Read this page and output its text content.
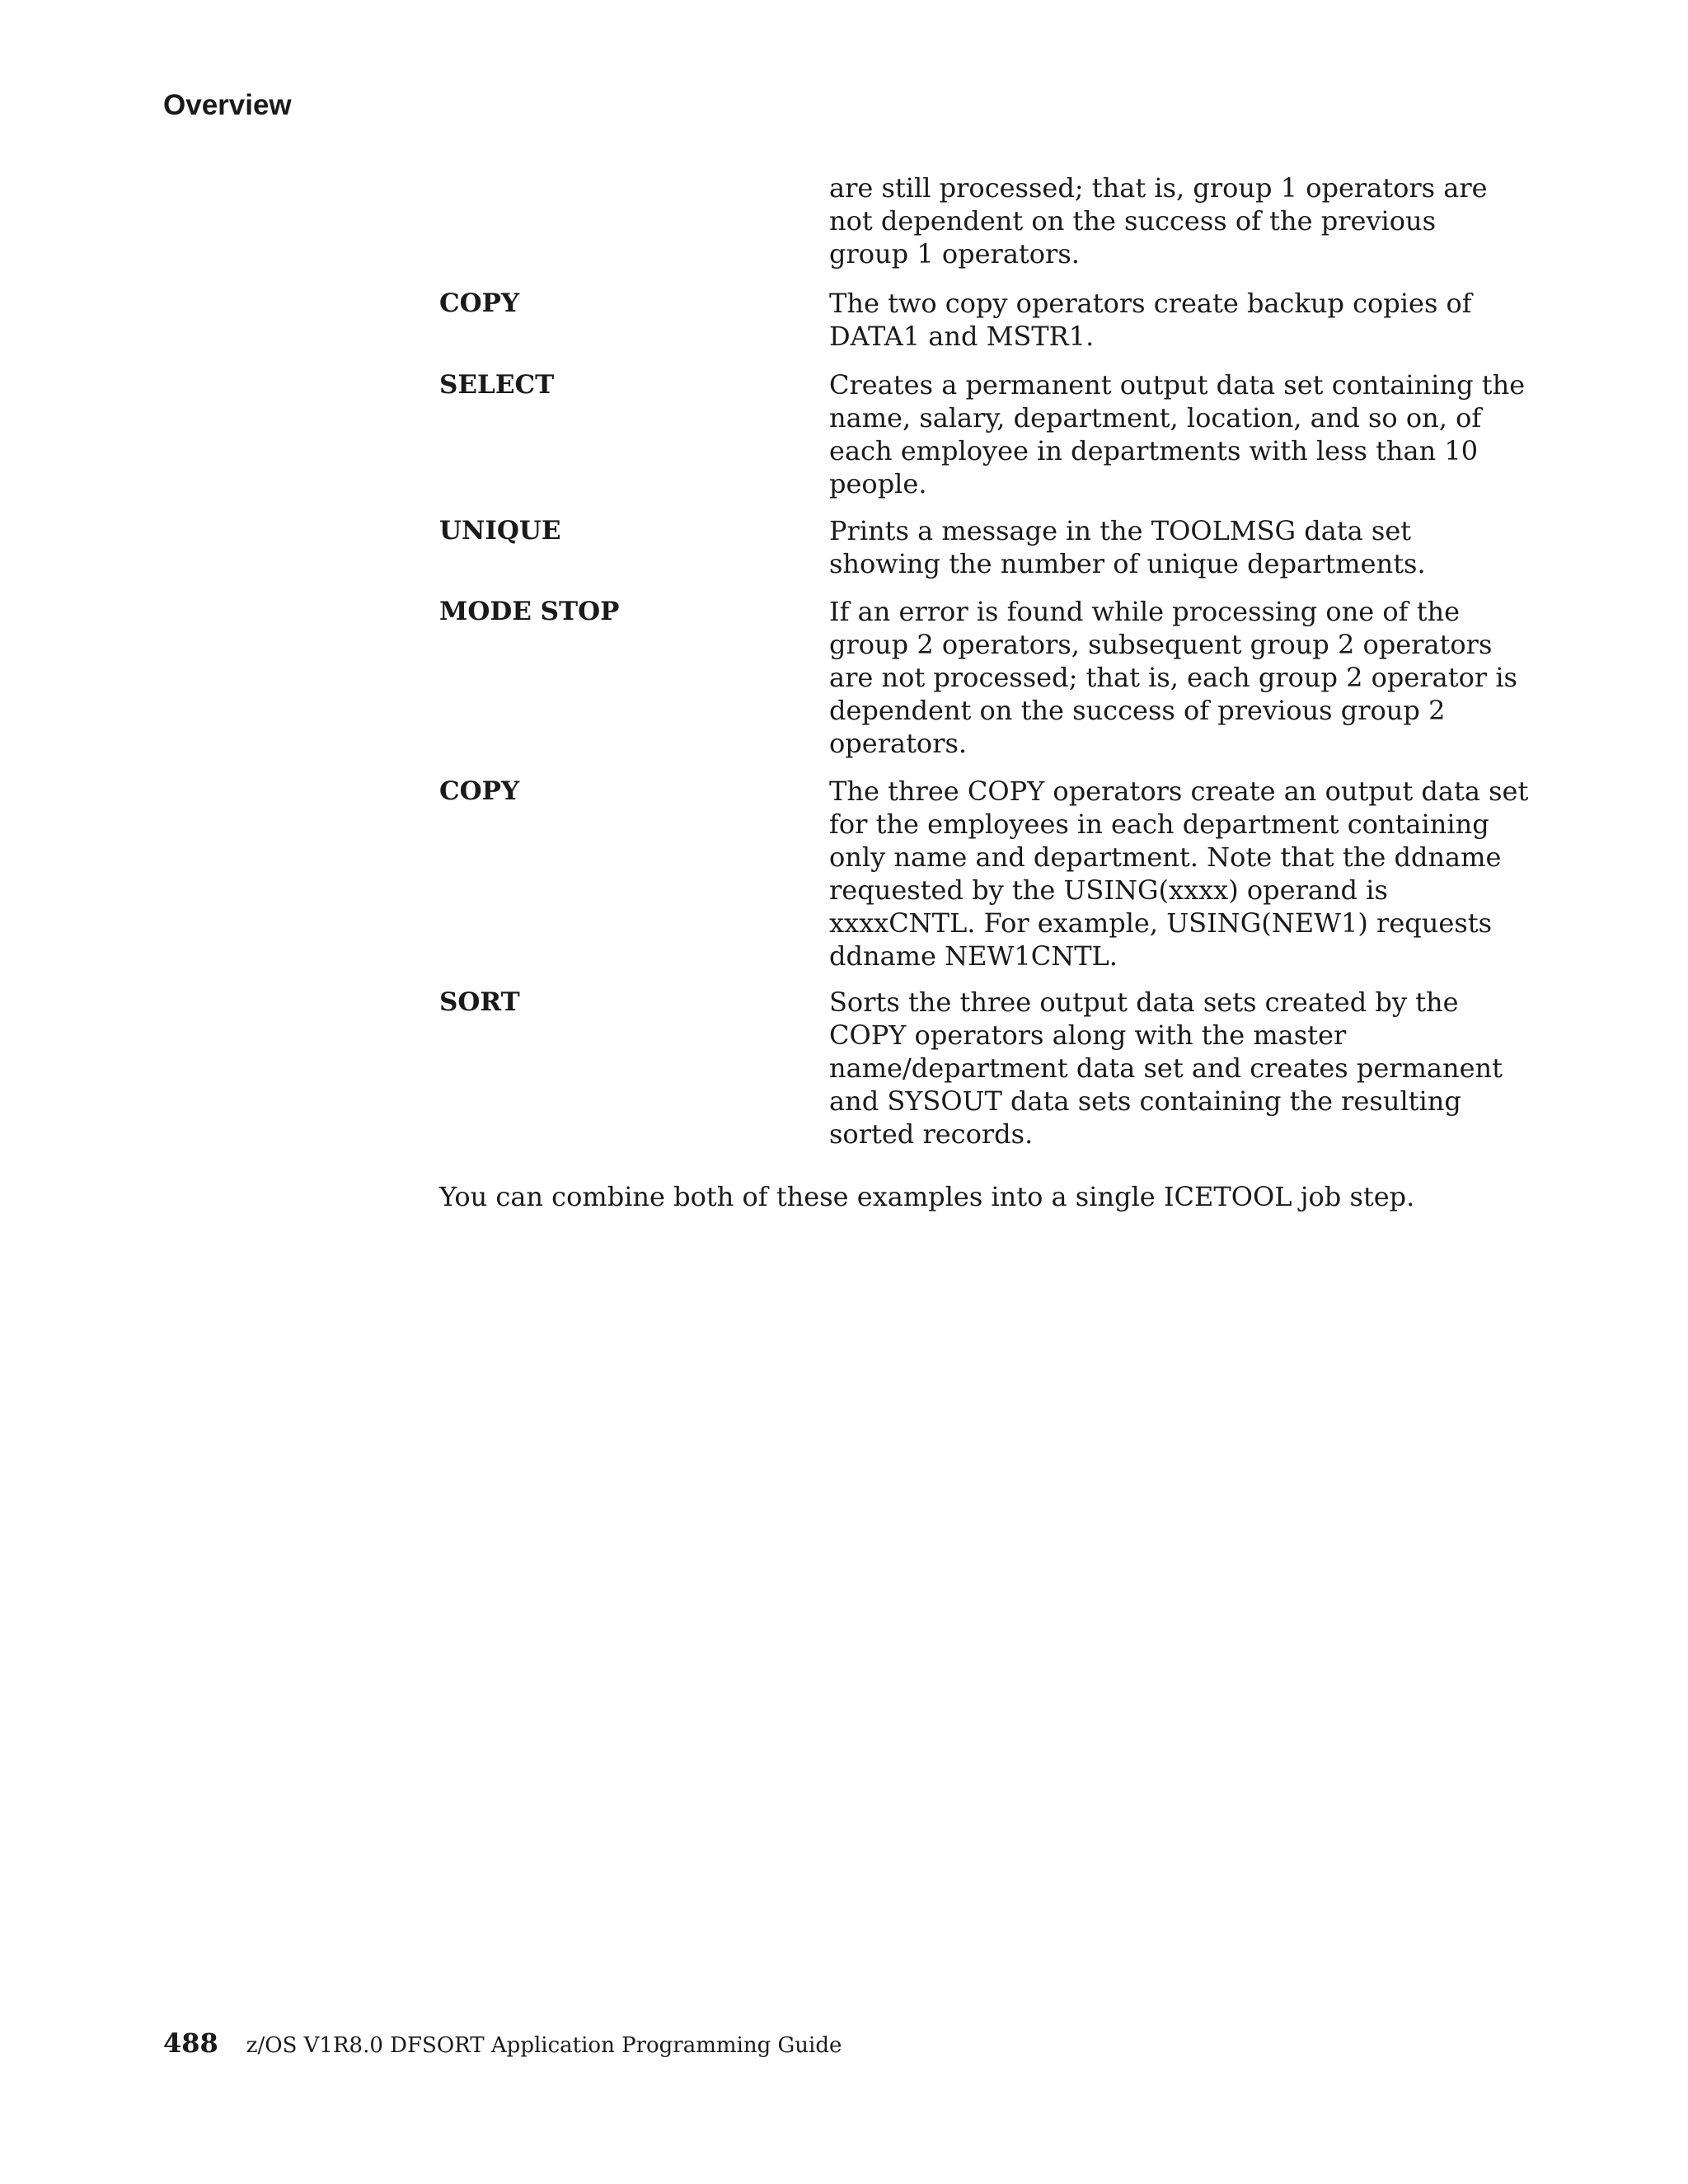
Overview
are still processed; that is, group 1 operators are
not dependent on the success of the previous
group 1 operators.
COPY	The two copy operators create backup copies of
DATA1 and MSTR1.
SELECT	Creates a permanent output data set containing the
name, salary, department, location, and so on, of
each employee in departments with less than 10
people.
UNIQUE	Prints a message in the TOOLMSG data set
showing the number of unique departments.
MODE STOP	If an error is found while processing one of the
group 2 operators, subsequent group 2 operators
are not processed; that is, each group 2 operator is
dependent on the success of previous group 2
operators.
COPY	The three COPY operators create an output data set
for the employees in each department containing
only name and department. Note that the ddname
requested by the USING(xxxx) operand is
xxxxCNTL. For example, USING(NEW1) requests
ddname NEW1CNTL.
SORT	Sorts the three output data sets created by the
COPY operators along with the master
name/department data set and creates permanent
and SYSOUT data sets containing the resulting
sorted records.
You can combine both of these examples into a single ICETOOL job step.
488 z/OS V1R8.0 DFSORT Application Programming Guide
